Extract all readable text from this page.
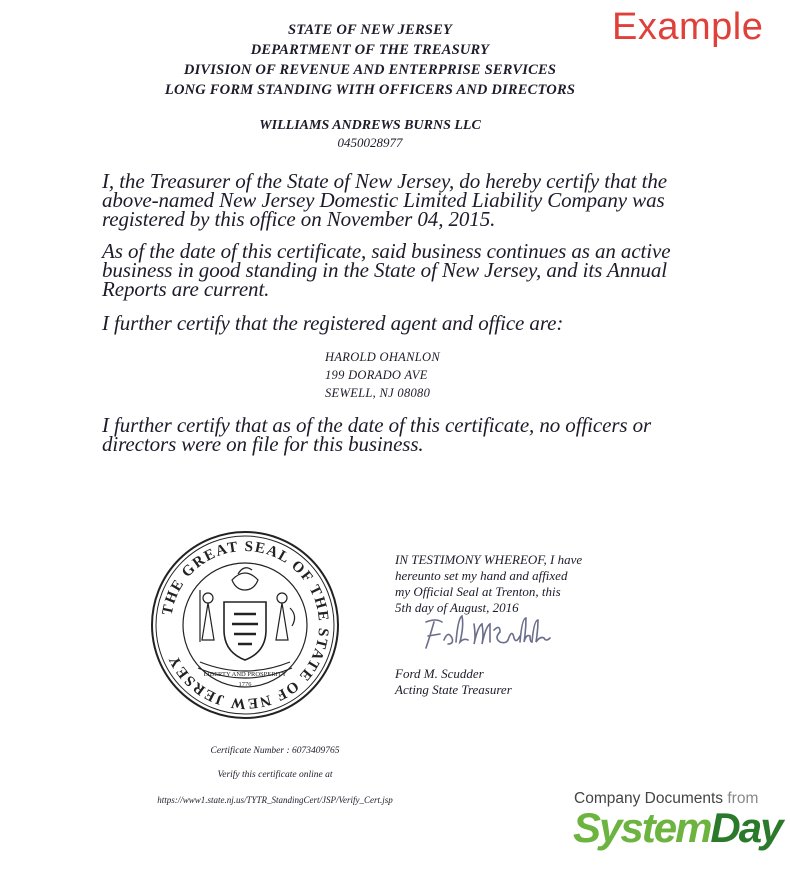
Example
STATE OF NEW JERSEY
DEPARTMENT OF THE TREASURY
DIVISION OF REVENUE AND ENTERPRISE SERVICES
LONG FORM STANDING WITH OFFICERS AND DIRECTORS
WILLIAMS ANDREWS BURNS LLC
0450028977
I, the Treasurer of the State of New Jersey, do hereby certify that the
above-named New Jersey Domestic Limited Liability Company was
registered by this office on November 04, 2015.
As of the date of this certificate, said business continues as an active
business in good standing in the State of New Jersey, and its Annual
Reports are current.
I further certify that the registered agent and office are:
HAROLD OHANLON
199 DORADO AVE
SEWELL, NJ 08080
I further certify that as of the date of this certificate, no officers or
directors were on file for this business.
THE GREAT SEAL OF THE STATE OF NEW JERSEY
LIBERTY AND PROSPERITY
1776
IN TESTIMONY WHEREOF, I have
hereunto set my hand and affixed
my Official Seal at Trenton, this
5th day of August, 2016
Ford M. Scudder
Acting State Treasurer
Certificate Number : 6073409765
Verify this certificate online at
https://www1.state.nj.us/TYTR_StandingCert/JSP/Verify_Cert.jsp	Company Documents from
SystemDay
